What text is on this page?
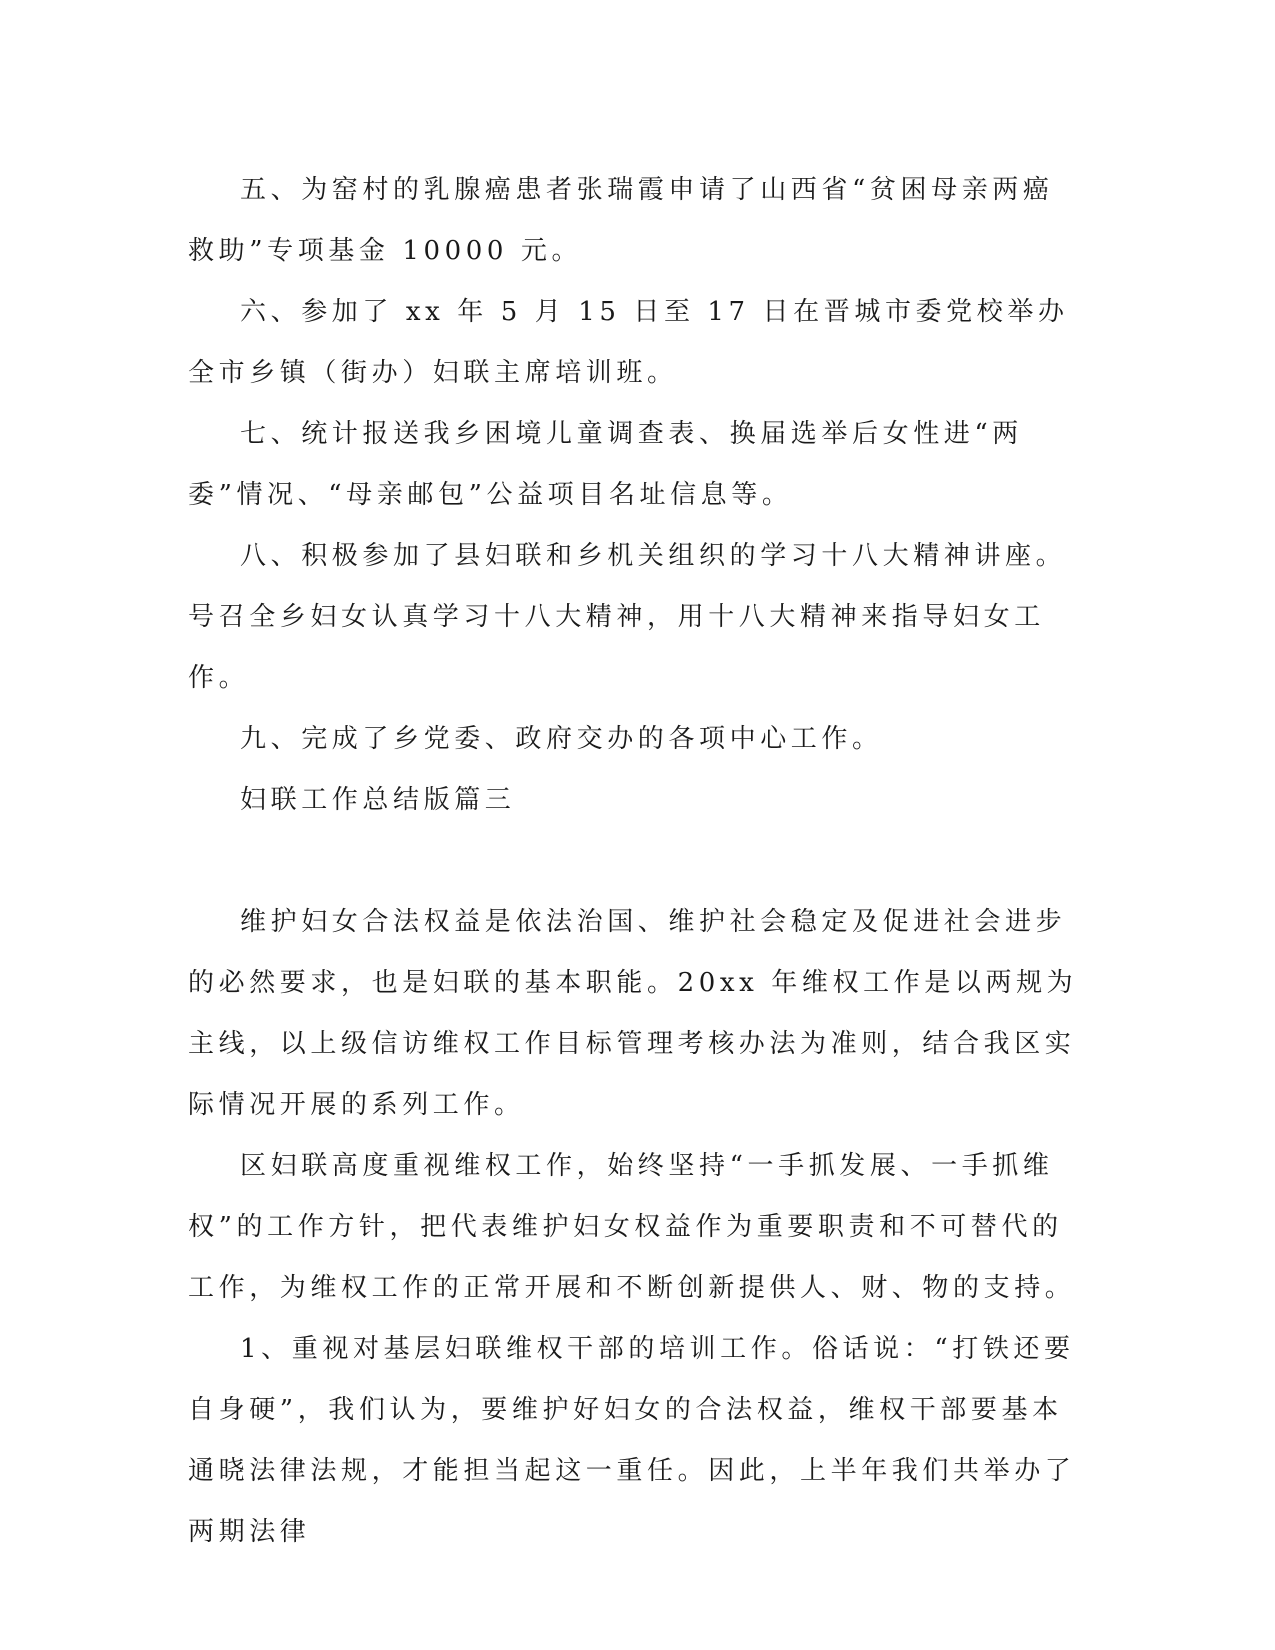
五、为窑村的乳腺癌患者张瑞霞申请了山西省“贫困母亲两癌救助”专项基金 10000 元。

六、参加了 xx 年 5 月 15 日至 17 日在晋城市委党校举办全市乡镇（街办）妇联主席培训班。

七、统计报送我乡困境儿童调查表、换届选举后女性进“两委”情况、“母亲邮包”公益项目名址信息等。

八、积极参加了县妇联和乡机关组织的学习十八大精神讲座。号召全乡妇女认真学习十八大精神，用十八大精神来指导妇女工作。

九、完成了乡党委、政府交办的各项中心工作。

妇联工作总结版篇三

维护妇女合法权益是依法治国、维护社会稳定及促进社会进步的必然要求，也是妇联的基本职能。20xx 年维权工作是以两规为主线，以上级信访维权工作目标管理考核办法为准则，结合我区实际情况开展的系列工作。

区妇联高度重视维权工作，始终坚持“一手抓发展、一手抓维权”的工作方针，把代表维护妇女权益作为重要职责和不可替代的工作，为维权工作的正常开展和不断创新提供人、财、物的支持。

1、重视对基层妇联维权干部的培训工作。俗话说：“打铁还要自身硬”，我们认为，要维护好妇女的合法权益，维权干部要基本通晓法律法规，才能担当起这一重任。因此，上半年我们共举办了两期法律
